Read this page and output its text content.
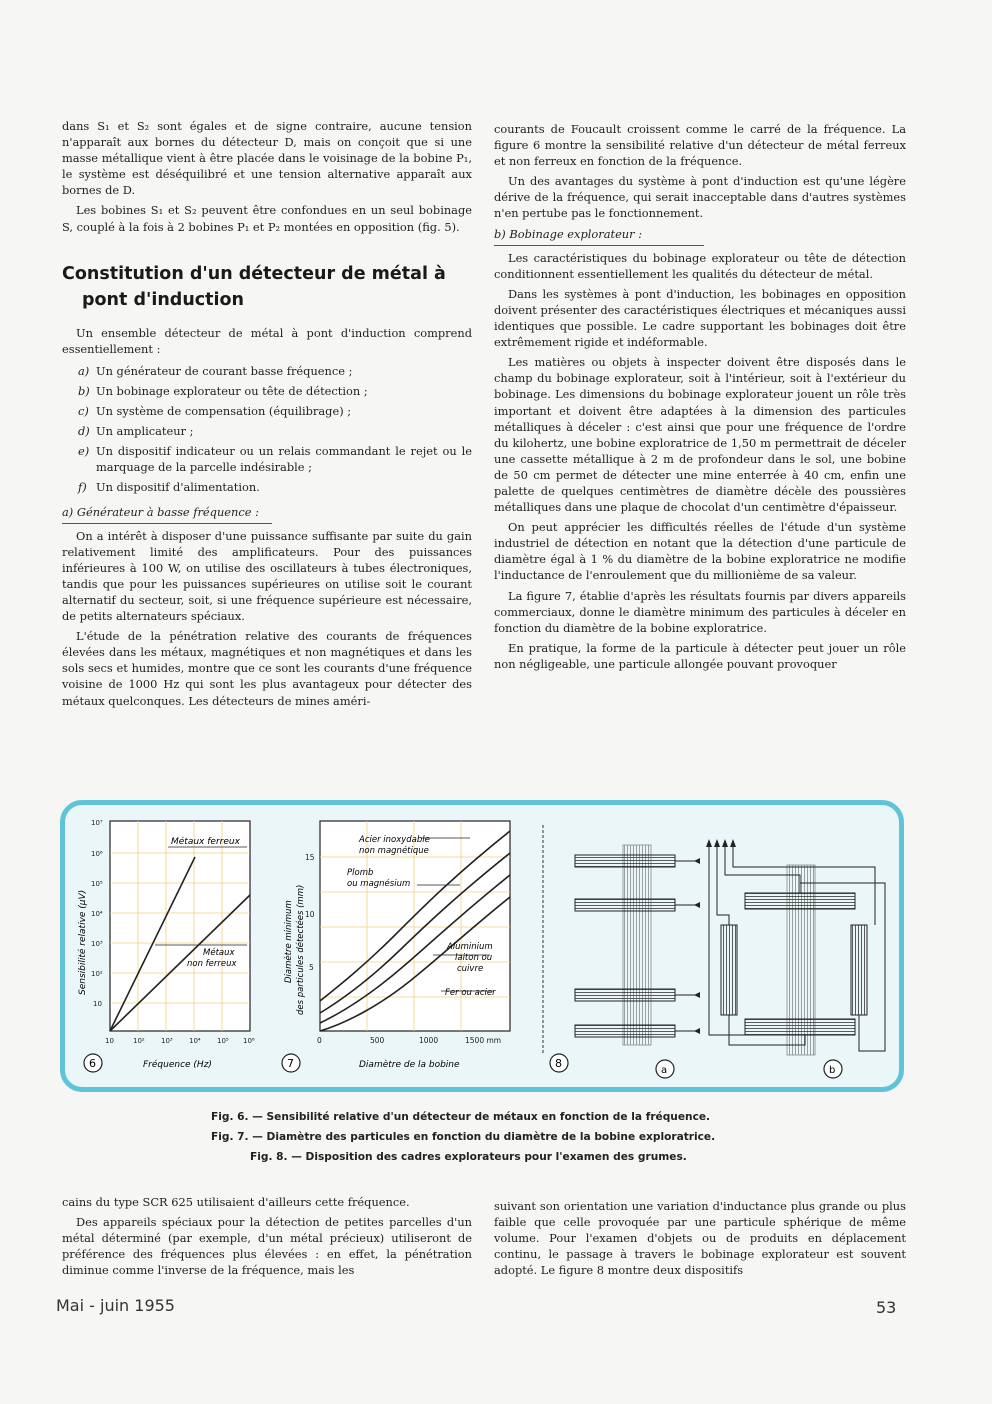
dans S₁ et S₂ sont égales et de signe contraire, aucune tension n'apparaît aux bornes du détecteur D, mais on conçoit que si une masse métallique vient à être placée dans le voisinage de la bobine P₁, le système est déséquilibré et une tension alternative apparaît aux bornes de D.

Les bobines S₁ et S₂ peuvent être confondues en un seul bobinage S, couplé à la fois à 2 bobines P₁ et P₂ montées en opposition (fig. 5).

Constitution d'un détecteur de métal à
pont d'induction

Un ensemble détecteur de métal à pont d'induction comprend essentiellement :

a) Un générateur de courant basse fréquence ;
b) Un bobinage explorateur ou tête de détection ;
c) Un système de compensation (équilibrage) ;
d) Un amplicateur ;
e) Un dispositif indicateur ou un relais commandant le rejet ou le marquage de la parcelle indésirable ;
f) Un dispositif d'alimentation.

a) Générateur à basse fréquence :

On a intérêt à disposer d'une puissance suffisante par suite du gain relativement limité des amplificateurs. Pour des puissances inférieures à 100 W, on utilise des oscillateurs à tubes électroniques, tandis que pour les puissances supérieures on utilise soit le courant alternatif du secteur, soit, si une fréquence supérieure est nécessaire, de petits alternateurs spéciaux.

L'étude de la pénétration relative des courants de fréquences élevées dans les métaux, magnétiques et non magnétiques et dans les sols secs et humides, montre que ce sont les courants d'une fréquence voisine de 1000 Hz qui sont les plus avantageux pour détecter des métaux quelconques. Les détecteurs de mines améri-

courants de Foucault croissent comme le carré de la fréquence. La figure 6 montre la sensibilité relative d'un détecteur de métal ferreux et non ferreux en fonction de la fréquence.

Un des avantages du système à pont d'induction est qu'une légère dérive de la fréquence, qui serait inacceptable dans d'autres systèmes n'en pertube pas le fonctionnement.

b) Bobinage explorateur :

Les caractéristiques du bobinage explorateur ou tête de détection conditionnent essentiellement les qualités du détecteur de métal.

Dans les systèmes à pont d'induction, les bobinages en opposition doivent présenter des caractéristiques électriques et mécaniques aussi identiques que possible. Le cadre supportant les bobinages doit être extrêmement rigide et indéformable.

Les matières ou objets à inspecter doivent être disposés dans le champ du bobinage explorateur, soit à l'intérieur, soit à l'extérieur du bobinage. Les dimensions du bobinage explorateur jouent un rôle très important et doivent être adaptées à la dimension des particules métalliques à déceler : c'est ainsi que pour une fréquence de l'ordre du kilohertz, une bobine exploratrice de 1,50 m permettrait de déceler une cassette métallique à 2 m de profondeur dans le sol, une bobine de 50 cm permet de détecter une mine enterrée à 40 cm, enfin une palette de quelques centimètres de diamètre décèle des poussières métalliques dans une plaque de chocolat d'un centimètre d'épaisseur.

On peut apprécier les difficultés réelles de l'étude d'un système industriel de détection en notant que la détection d'une particule de diamètre égal à 1 % du diamètre de la bobine exploratrice ne modifie l'inductance de l'enroulement que du millionième de sa valeur.

La figure 7, établie d'après les résultats fournis par divers appareils commerciaux, donne le diamètre minimum des particules à déceler en fonction du diamètre de la bobine exploratrice.

En pratique, la forme de la particule à détecter peut jouer un rôle non négligeable, une particule allongée pouvant provoquer

Métaux ferreux
Métaux
non ferreux
10⁷
10⁶
10⁵
10⁴
10³
10²
10
10	10² 10³ 10⁴ 10⁵ 10⁶
Sensibilité relative (µV)
Fréquence (Hz)
6
Acier inoxydable
non magnétique
Plomb
ou magnésium
Aluminium
laiton ou
cuivre
Fer ou acier
15
10
5
0	500	1000	1500 mm
Diamètre minimum des particules détectées (mm)
Diamètre de la bobine
7
a	b
8
Fig. 6. — Sensibilité relative d'un détecteur de métaux en fonction de la fréquence.
Fig. 7. — Diamètre des particules en fonction du diamètre de la bobine exploratrice.
Fig. 8. — Disposition des cadres explorateurs pour l'examen des grumes.

cains du type SCR 625 utilisaient d'ailleurs cette fréquence.

Des appareils spéciaux pour la détection de petites parcelles d'un métal déterminé (par exemple, d'un métal précieux) utiliseront de préférence des fréquences plus élevées : en effet, la pénétration diminue comme l'inverse de la fréquence, mais les

suivant son orientation une variation d'inductance plus grande ou plus faible que celle provoquée par une particule sphérique de même volume. Pour l'examen d'objets ou de produits en déplacement continu, le passage à travers le bobinage explorateur est souvent adopté. Le figure 8 montre deux dispositifs

Mai - juin 1955	53
